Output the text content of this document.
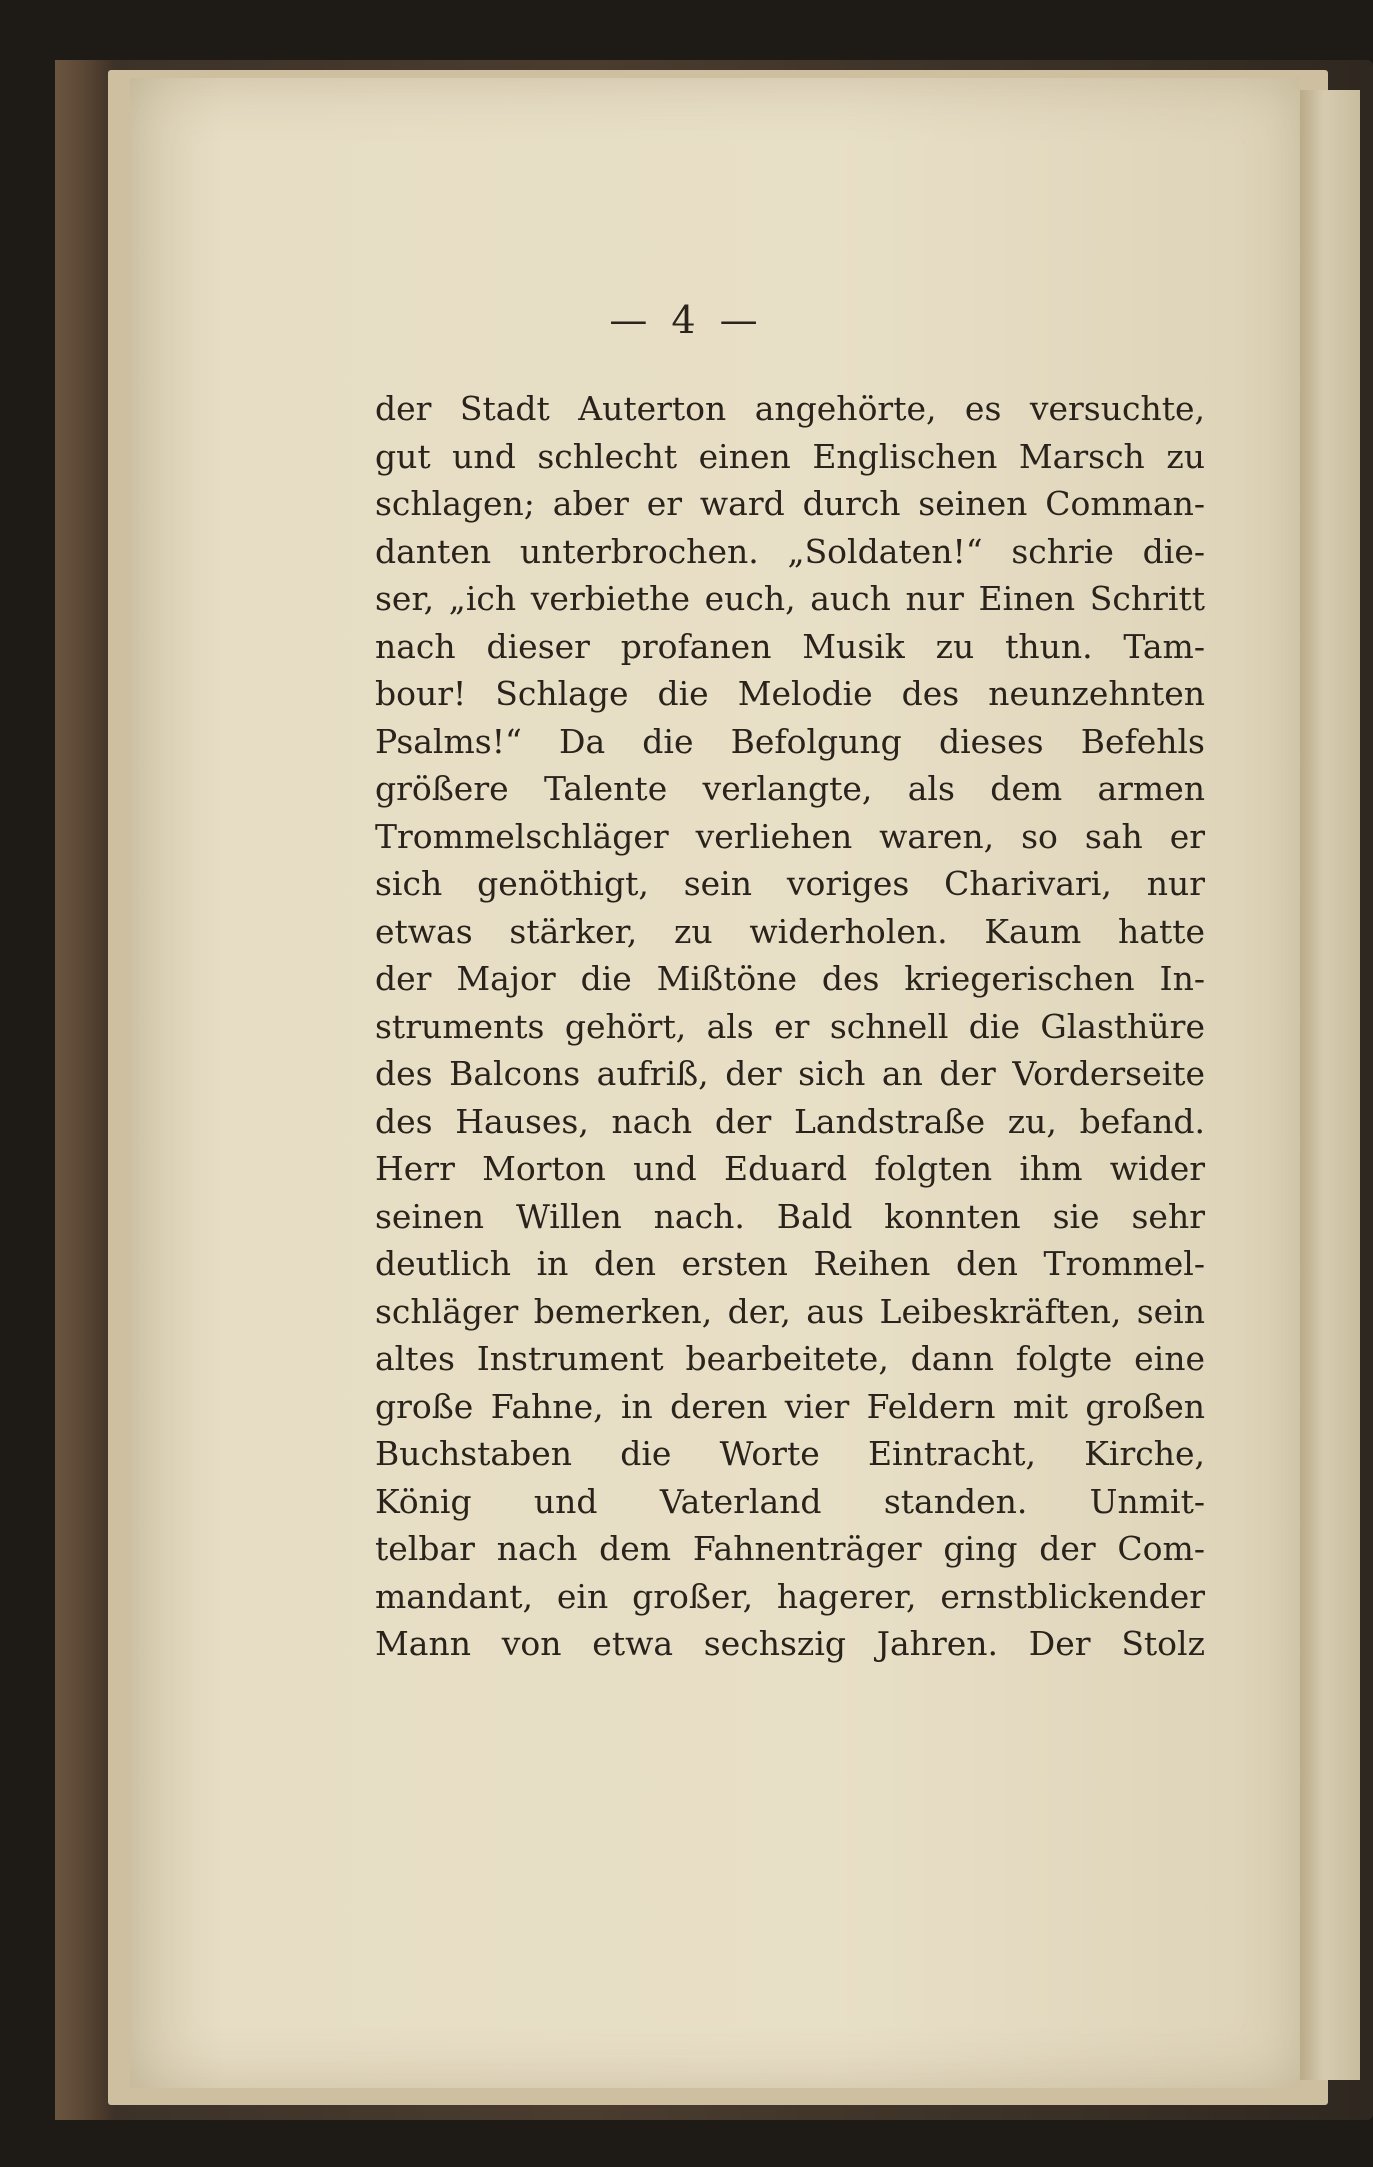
— 4 —
der Stadt Auterton angehörte, es versuchte,
gut und schlecht einen Englischen Marsch zu
schlagen; aber er ward durch seinen Comman-
danten unterbrochen. „Soldaten!“ schrie die-
ser, „ich verbiethe euch, auch nur Einen Schritt
nach dieser profanen Musik zu thun. Tam-
bour! Schlage die Melodie des neunzehnten
Psalms!“ Da die Befolgung dieses Befehls
größere Talente verlangte, als dem armen
Trommelschläger verliehen waren, so sah er
sich genöthigt, sein voriges Charivari, nur
etwas stärker, zu widerholen. Kaum hatte
der Major die Mißtöne des kriegerischen In-
struments gehört, als er schnell die Glasthüre
des Balcons aufriß, der sich an der Vorderseite
des Hauses, nach der Landstraße zu, befand.
Herr Morton und Eduard folgten ihm wider
seinen Willen nach. Bald konnten sie sehr
deutlich in den ersten Reihen den Trommel-
schläger bemerken, der, aus Leibeskräften, sein
altes Instrument bearbeitete, dann folgte eine
große Fahne, in deren vier Feldern mit großen
Buchstaben die Worte Eintracht, Kirche,
König und Vaterland standen. Unmit-
telbar nach dem Fahnenträger ging der Com-
mandant, ein großer, hagerer, ernstblickender
Mann von etwa sechszig Jahren. Der Stolz
